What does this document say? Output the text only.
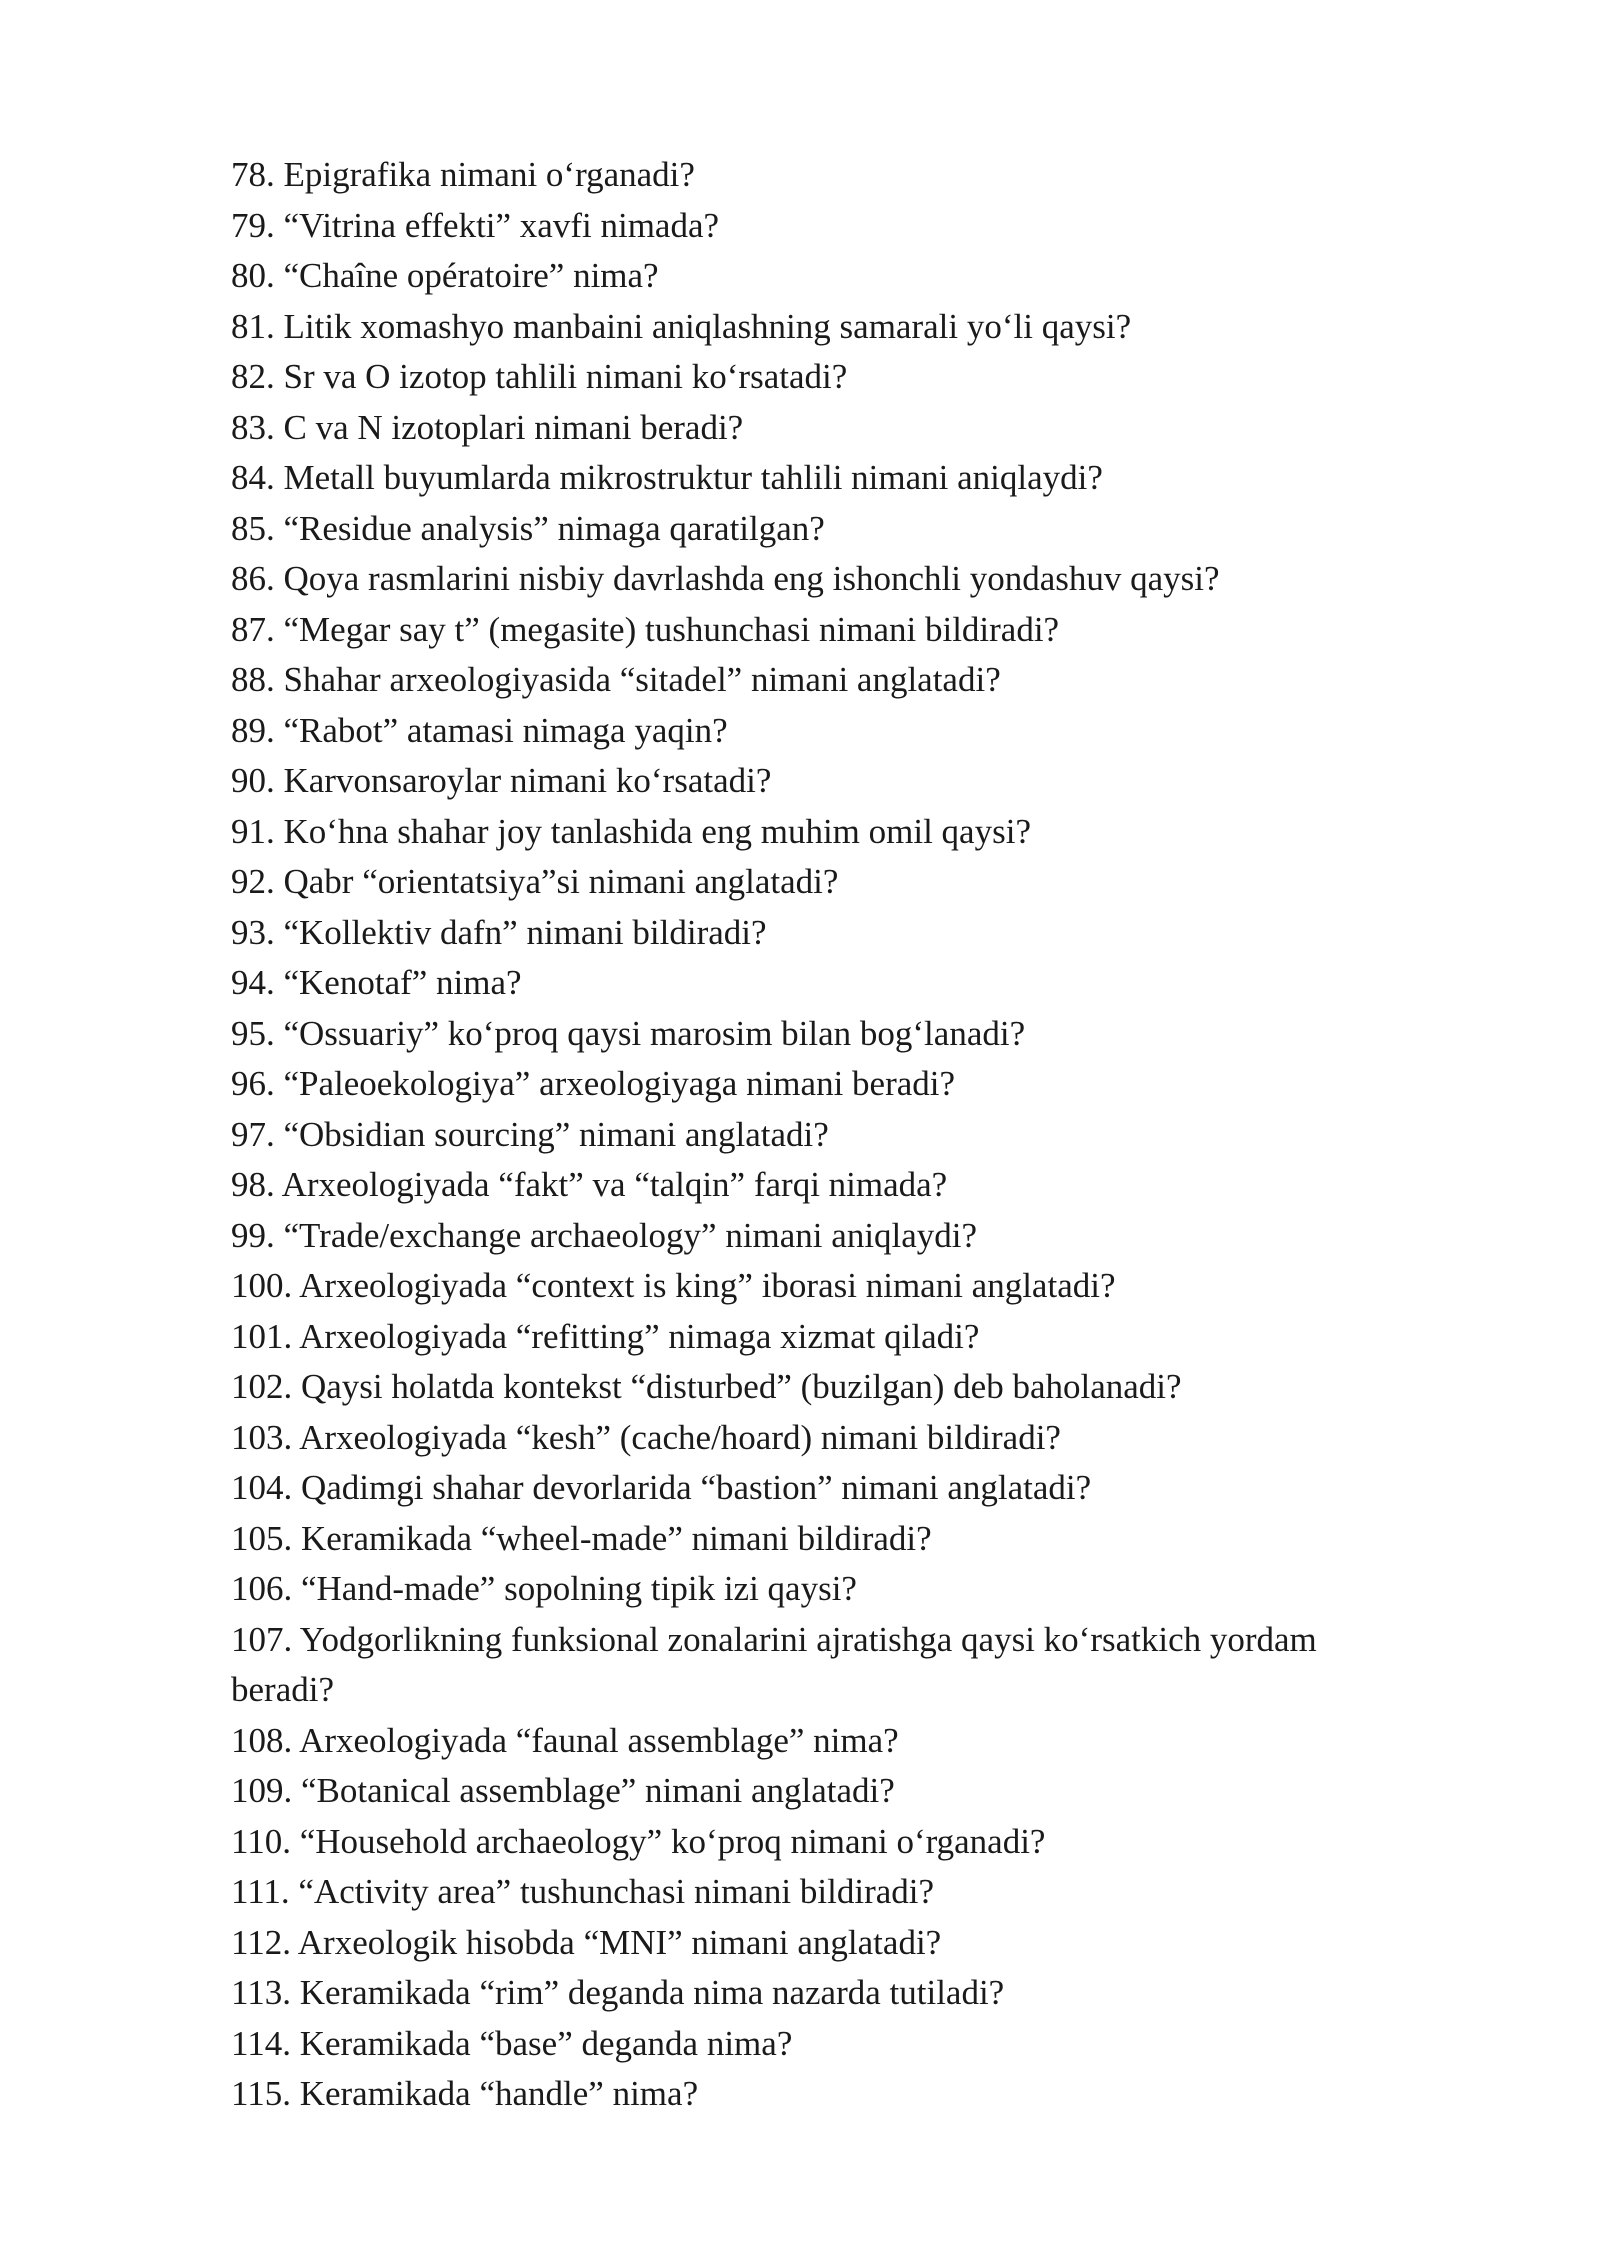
78. Epigrafika nimani o‘rganadi?
79. “Vitrina effekti” xavfi nimada?
80. “Chaîne opératoire” nima?
81. Litik xomashyo manbaini aniqlashning samarali yo‘li qaysi?
82. Sr va O izotop tahlili nimani ko‘rsatadi?
83. C va N izotoplari nimani beradi?
84. Metall buyumlarda mikrostruktur tahlili nimani aniqlaydi?
85. “Residue analysis” nimaga qaratilgan?
86. Qoya rasmlarini nisbiy davrlashda eng ishonchli yondashuv qaysi?
87. “Megar say t” (megasite) tushunchasi nimani bildiradi?
88. Shahar arxeologiyasida “sitadel” nimani anglatadi?
89. “Rabot” atamasi nimaga yaqin?
90. Karvonsaroylar nimani ko‘rsatadi?
91. Ko‘hna shahar joy tanlashida eng muhim omil qaysi?
92. Qabr “orientatsiya”si nimani anglatadi?
93. “Kollektiv dafn” nimani bildiradi?
94. “Kenotaf” nima?
95. “Ossuariy” ko‘proq qaysi marosim bilan bog‘lanadi?
96. “Paleoekologiya” arxeologiyaga nimani beradi?
97. “Obsidian sourcing” nimani anglatadi?
98. Arxeologiyada “fakt” va “talqin” farqi nimada?
99. “Trade/exchange archaeology” nimani aniqlaydi?
100. Arxeologiyada “context is king” iborasi nimani anglatadi?
101. Arxeologiyada “refitting” nimaga xizmat qiladi?
102. Qaysi holatda kontekst “disturbed” (buzilgan) deb baholanadi?
103. Arxeologiyada “kesh” (cache/hoard) nimani bildiradi?
104. Qadimgi shahar devorlarida “bastion” nimani anglatadi?
105. Keramikada “wheel-made” nimani bildiradi?
106. “Hand-made” sopolning tipik izi qaysi?
107. Yodgorlikning funksional zonalarini ajratishga qaysi ko‘rsatkich yordam beradi?
108. Arxeologiyada “faunal assemblage” nima?
109. “Botanical assemblage” nimani anglatadi?
110. “Household archaeology” ko‘proq nimani o‘rganadi?
111. “Activity area” tushunchasi nimani bildiradi?
112. Arxeologik hisobda “MNI” nimani anglatadi?
113. Keramikada “rim” deganda nima nazarda tutiladi?
114. Keramikada “base” deganda nima?
115. Keramikada “handle” nima?
